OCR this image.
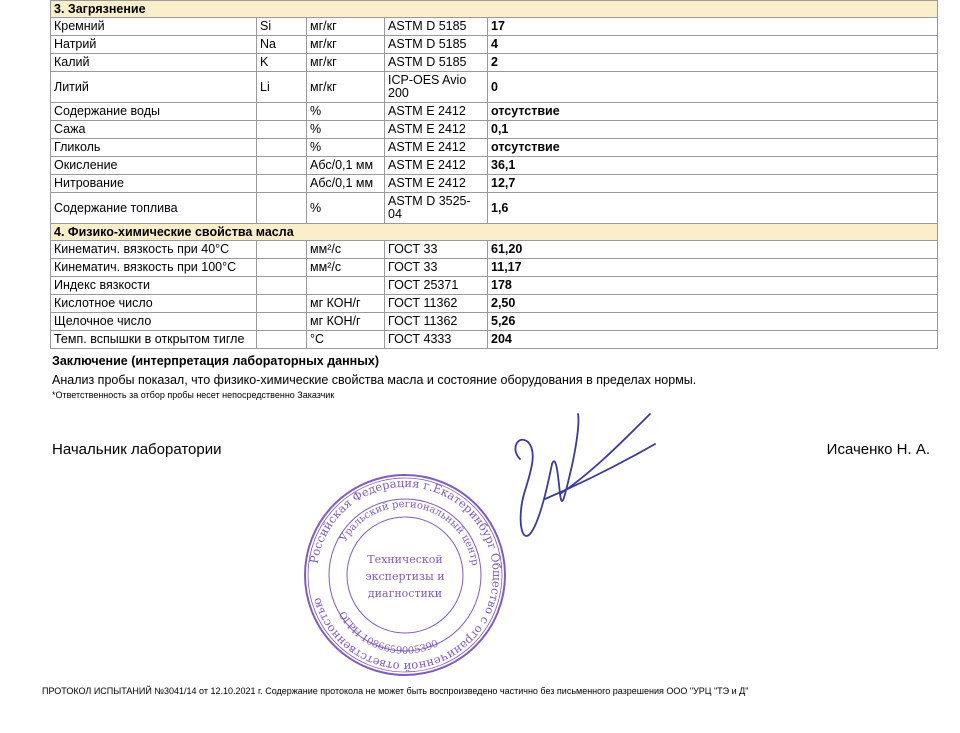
3. Загрязнение				
Кремний	Si	мг/кг	ASTM D 5185	17
Натрий	Na	мг/кг	ASTM D 5185	4
Калий	K	мг/кг	ASTM D 5185	2
Литий	Li	мг/кг	ICP-OES Avio 200	0
Содержание воды		%	ASTM E 2412	отсутствие
Сажа		%	ASTM E 2412	0,1
Гликоль		%	ASTM E 2412	отсутствие
Окисление		Абс/0,1 мм	ASTM E 2412	36,1
Нитрование		Абс/0,1 мм	ASTM E 2412	12,7
Содержание топлива		%	ASTM D 3525-04	1,6
4. Физико-химические свойства масла				
Кинематич. вязкость при 40°С		мм²/с	ГОСТ 33	61,20
Кинематич. вязкость при 100°С		мм²/с	ГОСТ 33	11,17
Индекс вязкости			ГОСТ 25371	178
Кислотное число		мг КОН/г	ГОСТ 11362	2,50
Щелочное число		мг КОН/г	ГОСТ 11362	5,26
Темп. вспышки в открытом тигле		°С	ГОСТ 4333	204
Заключение (интерпретация лабораторных данных)
Анализ пробы показал, что физико-химические свойства масла и состояние оборудования в пределах нормы.
*Ответственность за отбор пробы несет непосредственно Заказчик
Начальник лаборатории	Исаченко Н. А.
Российская Федерация г.Екатеринбург Общество с ограниченной ответственностью
Уральский региональный центр
ОГРН 1086659005390
Технической
экспертизы и
диагностики
ПРОТОКОЛ ИСПЫТАНИЙ №3041/14 от 12.10.2021 г. Содержание протокола не может быть воспроизведено частично без письменного разрешения ООО "УРЦ "ТЭ и Д"
